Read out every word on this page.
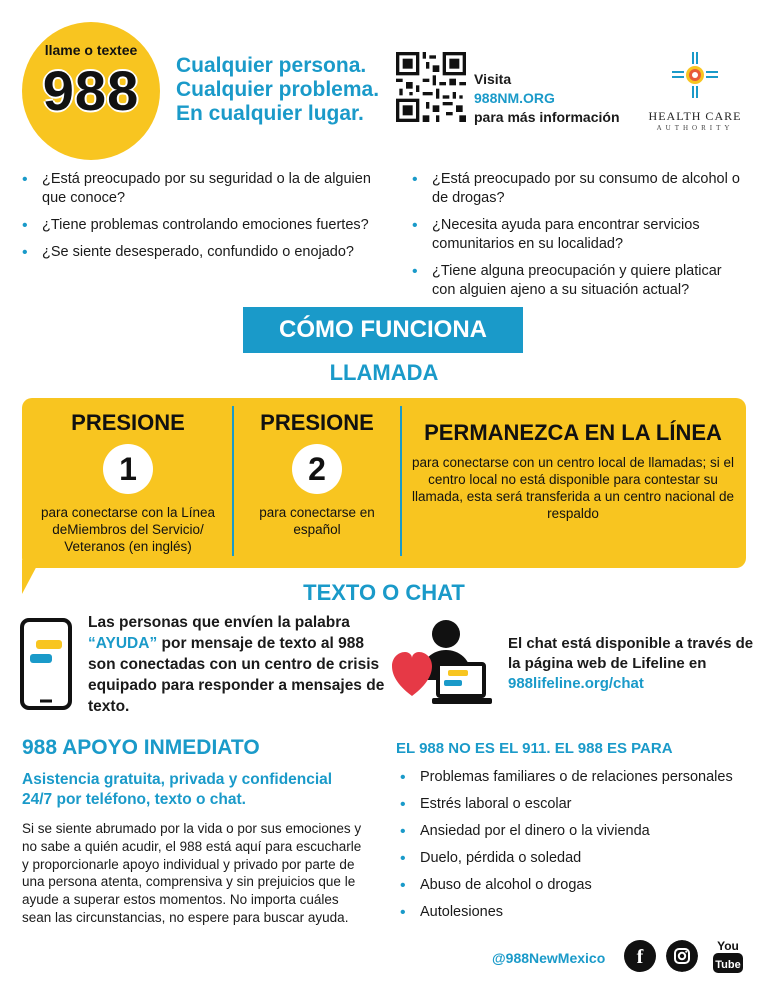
llame o textee
988	Cualquier persona.
Cualquier problema.
En cualquier lugar.
Visita
988NM.ORG
para más información	HEALTH CARE
AUTHORITY
• ¿Está preocupado por su seguridad o la de alguien que conoce?
• ¿Tiene problemas controlando emociones fuertes?
• ¿Se siente desesperado, confundido o enojado?
• ¿Está preocupado por su consumo de alcohol o de drogas?
• ¿Necesita ayuda para encontrar servicios comunitarios en su localidad?
• ¿Tiene alguna preocupación y quiere platicar con alguien ajeno a su situación actual?
CÓMO FUNCIONA
LLAMADA
PRESIONE
1

para conectarse con la Línea deMiembros del Servicio/ Veteranos (en inglés)

PRESIONE
2

para conectarse en español

PERMANEZCA EN LA LÍNEA

para conectarse con un centro local de llamadas; si el centro local no está disponible para contestar su llamada, esta será transferida a un centro nacional de respaldo

TEXTO O CHAT
Las personas que envíen la palabra “AYUDA” por mensaje de texto al 988 son conectadas con un centro de crisis equipado para responder a mensajes de texto.
El chat está disponible a través de la página web de Lifeline en
988lifeline.org/chat
988 APOYO INMEDIATO
Asistencia gratuita, privada y confidencial 24/7 por teléfono, texto o chat.
Si se siente abrumado por la vida o por sus emociones y no sabe a quién acudir, el 988 está aquí para escucharle y proporcionarle apoyo individual y privado por parte de una persona atenta, comprensiva y sin prejuicios que le ayude a superar estos momentos. No importa cuáles sean las circunstancias, no espere para buscar ayuda.
EL 988 NO ES EL 911. EL 988 ES PARA
• Problemas familiares o de relaciones personales
• Estrés laboral o escolar
• Ansiedad por el dinero o la vivienda
• Duelo, pérdida o soledad
• Abuso de alcohol o drogas
• Autolesiones
@988NewMexico	f	You
Tube
